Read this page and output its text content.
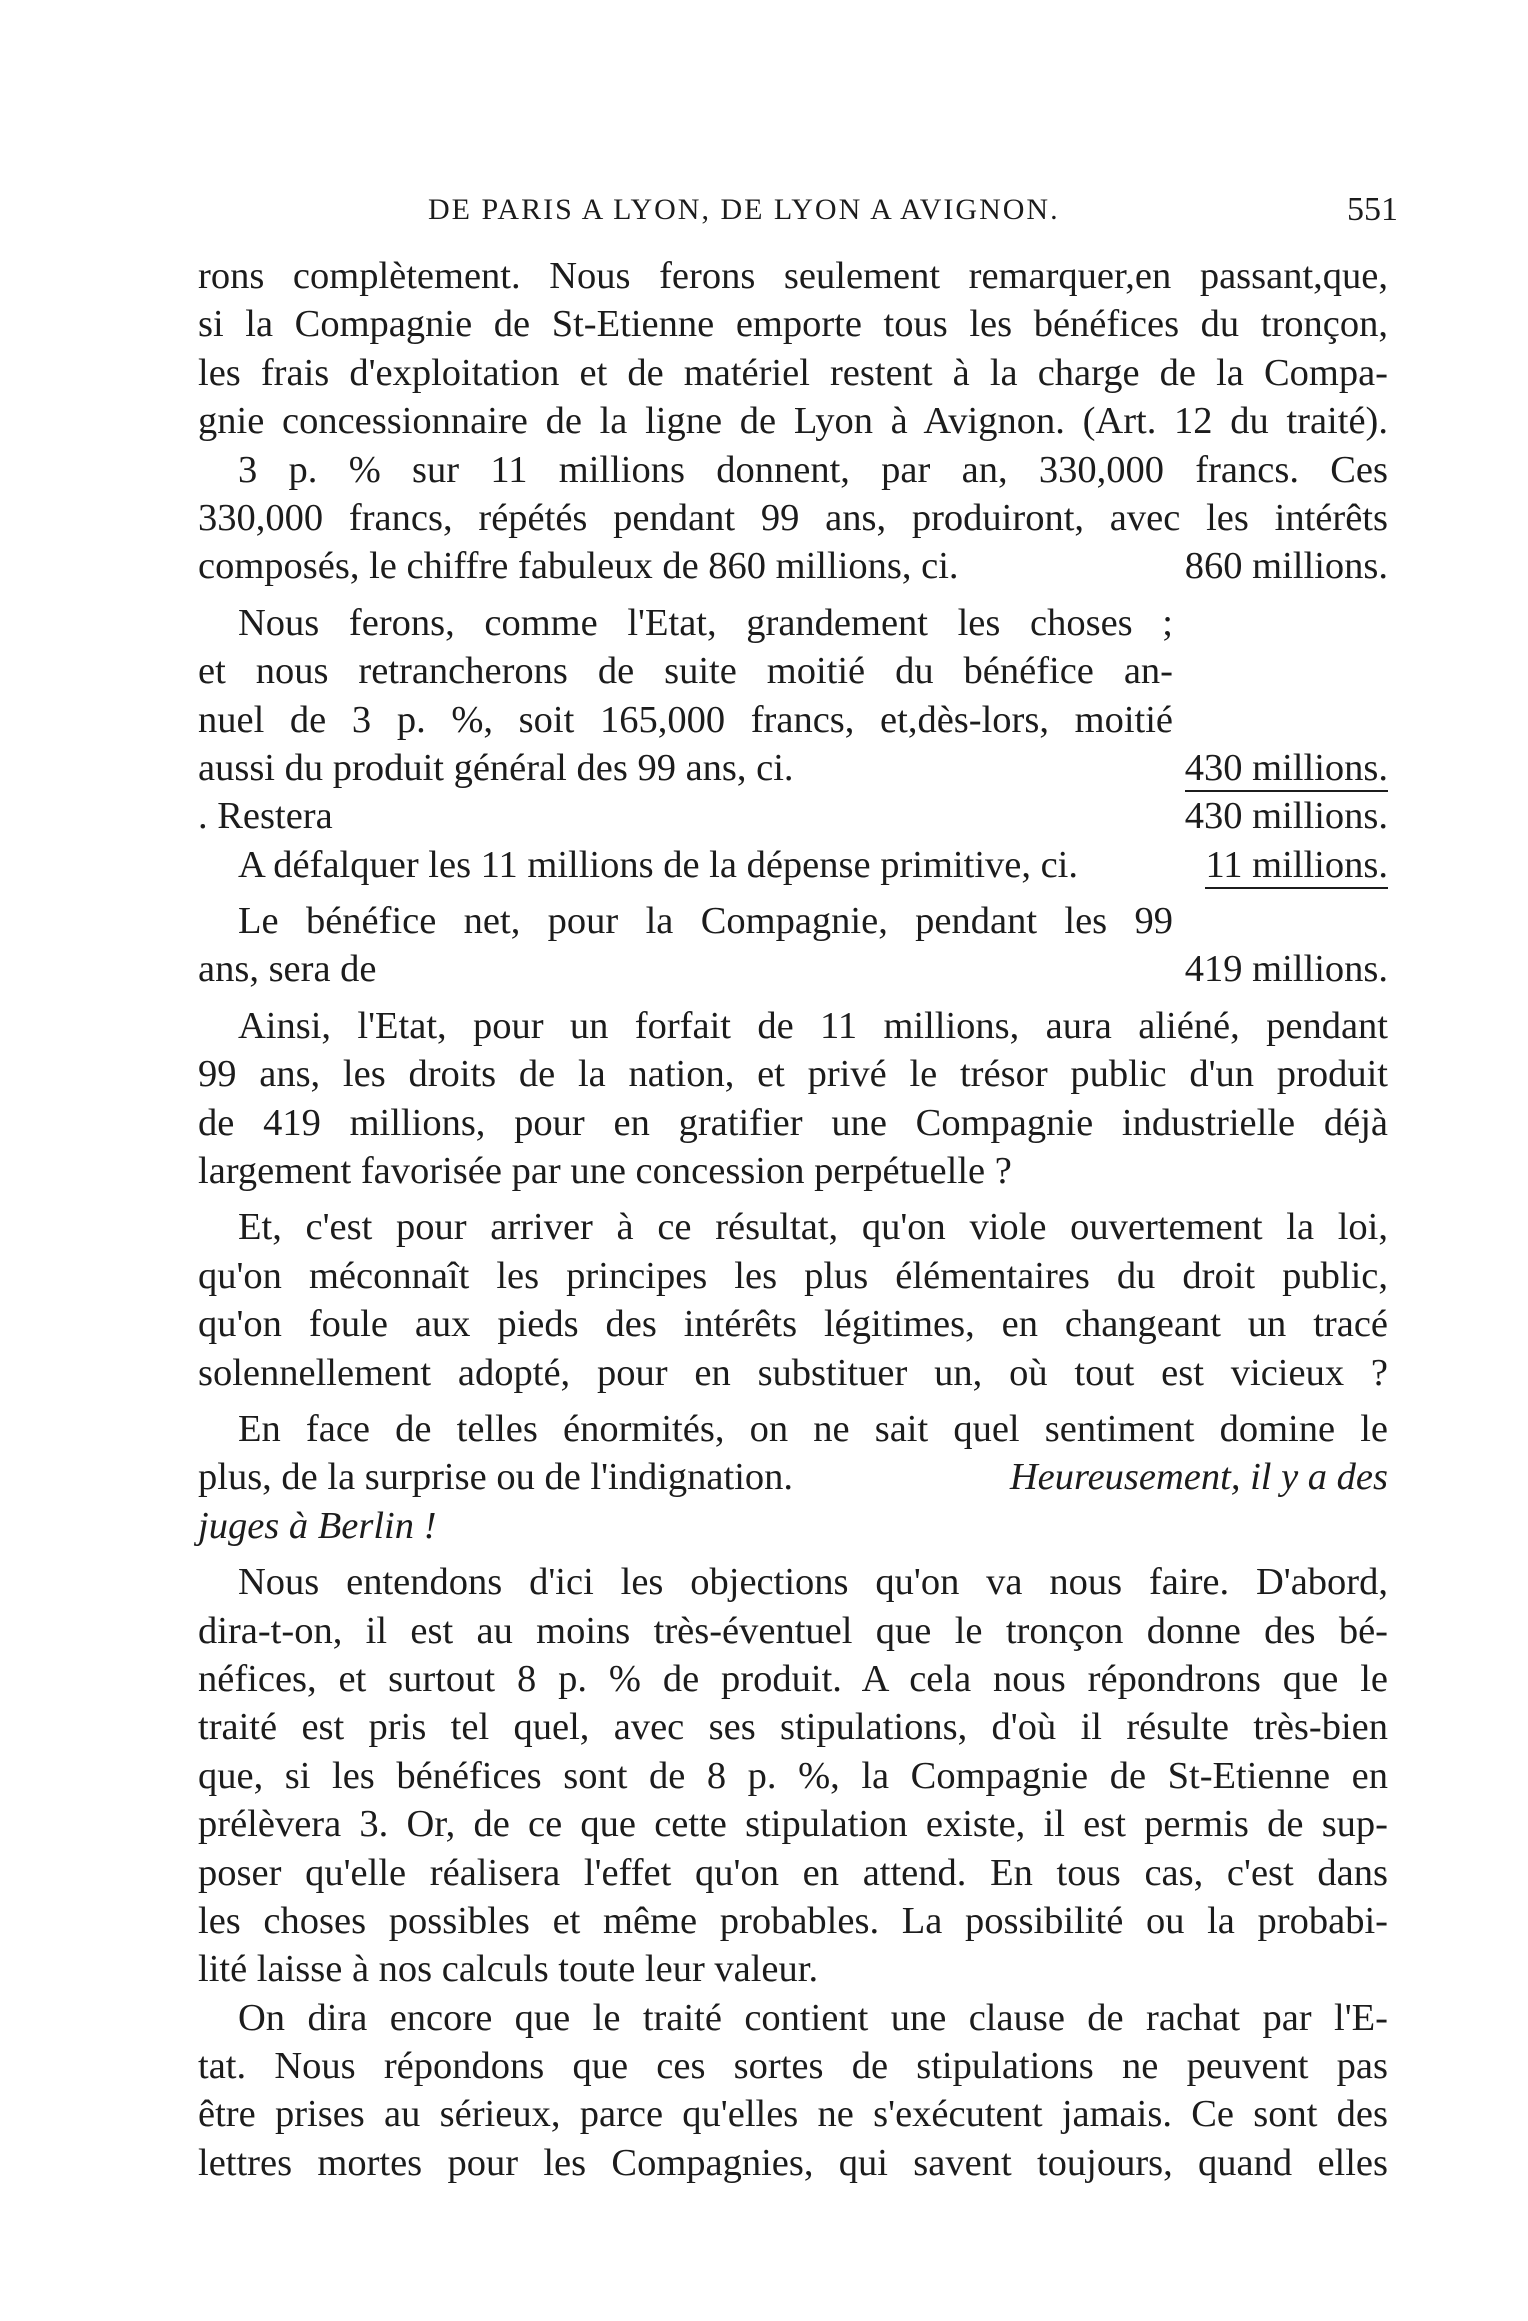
DE PARIS A LYON, DE LYON A AVIGNON.	551
rons complètement. Nous ferons seulement remarquer,en passant,que,
si la Compagnie de St-Etienne emporte tous les bénéfices du tronçon,
les frais d'exploitation et de matériel restent à la charge de la Compa-
gnie concessionnaire de la ligne de Lyon à Avignon. (Art. 12 du traité).
3 p. % sur 11 millions donnent, par an, 330,000 francs. Ces
330,000 francs, répétés pendant 99 ans, produiront, avec les intérêts
composés, le chiffre fabuleux de 860 millions, ci.	860 millions.
Nous ferons, comme l'Etat, grandement les choses ;
et nous retrancherons de suite moitié du bénéfice an-
nuel de 3 p. %, soit 165,000 francs, et,dès-lors, moitié
aussi du produit général des 99 ans, ci.	430 millions.
. Restera	430 millions.
A défalquer les 11 millions de la dépense primitive, ci.	11 millions.
Le bénéfice net, pour la Compagnie, pendant les 99
ans, sera de	419 millions.
Ainsi, l'Etat, pour un forfait de 11 millions, aura aliéné, pendant
99 ans, les droits de la nation, et privé le trésor public d'un produit
de 419 millions, pour en gratifier une Compagnie industrielle déjà
largement favorisée par une concession perpétuelle ?
Et, c'est pour arriver à ce résultat, qu'on viole ouvertement la loi,
qu'on méconnaît les principes les plus élémentaires du droit public,
qu'on foule aux pieds des intérêts légitimes, en changeant un tracé
solennellement adopté, pour en substituer un, où tout est vicieux ?
En face de telles énormités, on ne sait quel sentiment domine le
plus, de la surprise ou de l'indignation.	Heureusement, il y a des
juges à Berlin !
Nous entendons d'ici les objections qu'on va nous faire. D'abord,
dira-t-on, il est au moins très-éventuel que le tronçon donne des bé-
néfices, et surtout 8 p. % de produit. A cela nous répondrons que le
traité est pris tel quel, avec ses stipulations, d'où il résulte très-bien
que, si les bénéfices sont de 8 p. %, la Compagnie de St-Etienne en
prélèvera 3. Or, de ce que cette stipulation existe, il est permis de sup-
poser qu'elle réalisera l'effet qu'on en attend. En tous cas, c'est dans
les choses possibles et même probables. La possibilité ou la probabi-
lité laisse à nos calculs toute leur valeur.
On dira encore que le traité contient une clause de rachat par l'E-
tat. Nous répondons que ces sortes de stipulations ne peuvent pas
être prises au sérieux, parce qu'elles ne s'exécutent jamais. Ce sont des
lettres mortes pour les Compagnies, qui savent toujours, quand elles
